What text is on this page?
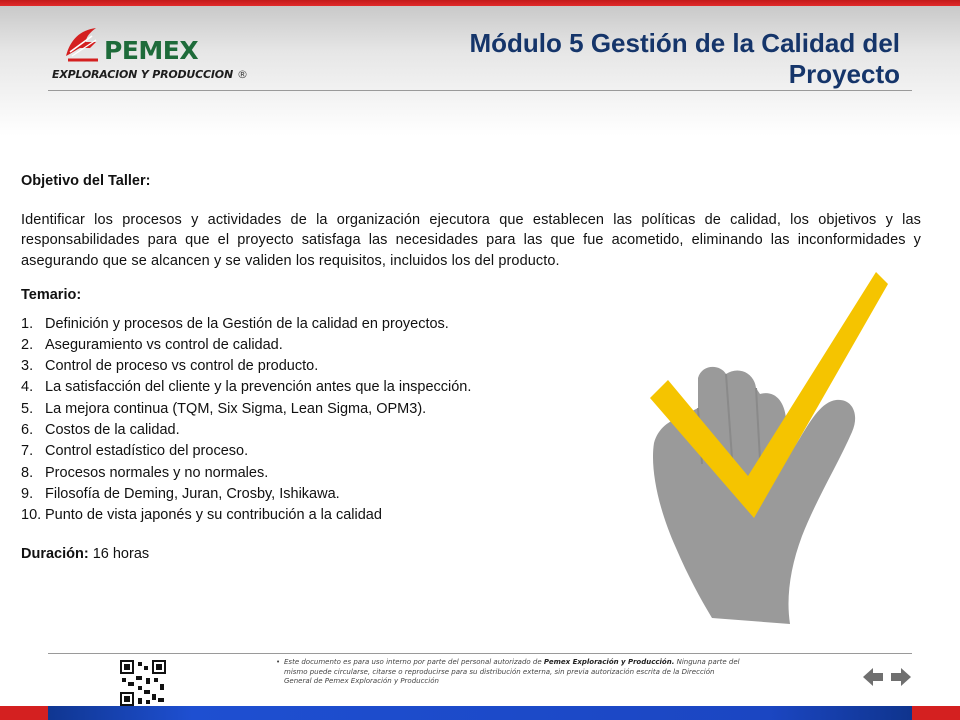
PEMEX
EXPLORACION Y PRODUCCION ®
Módulo 5 Gestión de la Calidad del Proyecto
Objetivo del Taller:
Identificar los procesos y actividades de la organización ejecutora que establecen las políticas de calidad, los objetivos y las responsabilidades para que el proyecto satisfaga las necesidades para las que fue acometido, eliminando las inconformidades y asegurando que se alcancen y se validen los requisitos, incluidos los del producto.
Temario:
1. Definición y procesos de la Gestión de la calidad en proyectos.
2. Aseguramiento vs control de calidad.
3. Control de proceso vs control de producto.
4. La satisfacción del cliente y la prevención antes que la inspección.
5. La mejora continua (TQM, Six Sigma, Lean Sigma, OPM3).
6. Costos de la calidad.
7. Control estadístico del proceso.
8. Procesos normales y no normales.
9. Filosofía de Deming, Juran, Crosby, Ishikawa.
10. Punto de vista japonés y su contribución a la calidad
Duración: 16 horas
• Este documento es para uso interno por parte del personal autorizado de Pemex Exploración y Producción. Ninguna parte del mismo puede circularse, citarse o reproducirse para su distribución externa, sin previa autorización escrita de la Dirección General de Pemex Exploración y Producción
